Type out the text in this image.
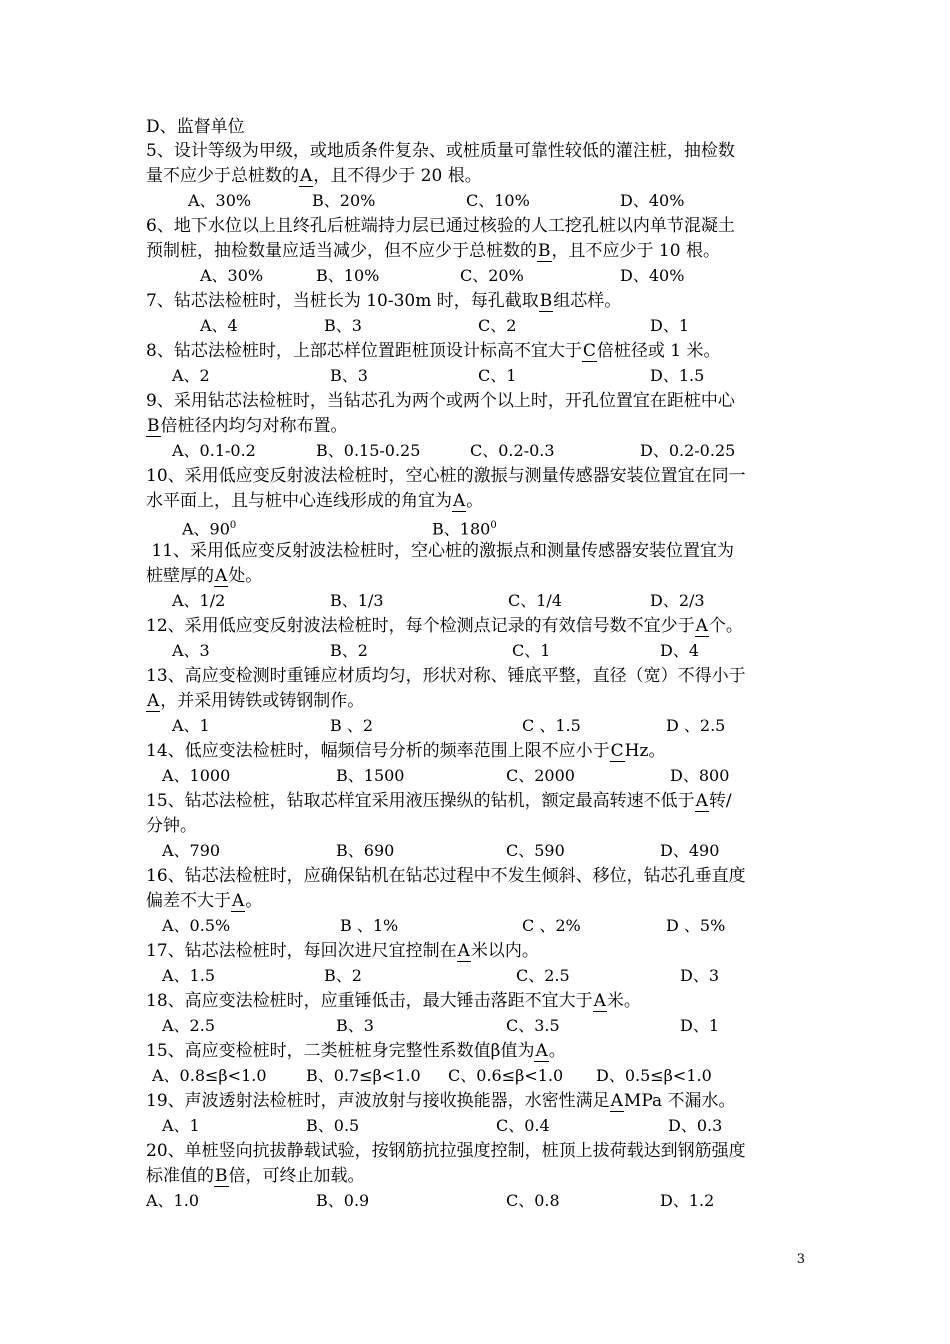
D、监督单位
5、设计等级为甲级，或地质条件复杂、或桩质量可靠性较低的灌注桩，抽检数
量不应少于总桩数的A，且不得少于 20 根。
A、30%	B、20%	C、10%	D、40%
6、地下水位以上且终孔后桩端持力层已通过核验的人工挖孔桩以内单节混凝土
预制桩，抽检数量应适当减少，但不应少于总桩数的B，且不应少于 10 根。
A、30%	B、10%	C、20%	D、40%
7、钻芯法检桩时，当桩长为 10-30m 时，每孔截取B组芯样。
A、4	B、3	C、2	D、1
8、钻芯法检桩时，上部芯样位置距桩顶设计标高不宜大于C倍桩径或 1 米。
A、2	B、3	C、1	D、1.5
9、采用钻芯法检桩时，当钻芯孔为两个或两个以上时，开孔位置宜在距桩中心
B倍桩径内均匀对称布置。
A、0.1-0.2	B、0.15-0.25	C、0.2-0.3	D、0.2-0.25
10、采用低应变反射波法检桩时，空心桩的激振与测量传感器安装位置宜在同一
水平面上，且与桩中心连线形成的角宜为A。
A、$90^0$	B、$180^0$
11、采用低应变反射波法检桩时，空心桩的激振点和测量传感器安装位置宜为
桩壁厚的A处。
A、1/2	B、1/3	C、1/4	D、2/3
12、采用低应变反射波法检桩时，每个检测点记录的有效信号数不宜少于A个。
A、3	B、2	C、1	D、4
13、高应变检测时重锤应材质均匀，形状对称、锤底平整，直径（宽）不得小于
A，并采用铸铁或铸钢制作。
A、1	B 、2	C 、1.5	D 、2.5
14、低应变法检桩时，幅频信号分析的频率范围上限不应小于CHz。
A、1000	B、1500	C、2000	D、800
15、钻芯法检桩，钻取芯样宜采用液压操纵的钻机，额定最高转速不低于A转/
分钟。
A、790	B、690	C、590	D、490
16、钻芯法检桩时，应确保钻机在钻芯过程中不发生倾斜、移位，钻芯孔垂直度
偏差不大于A。
A、0.5%	B 、1%	C 、2%	D 、5%
17、钻芯法检桩时，每回次进尺宜控制在A米以内。
A、1.5	B、2	C、2.5	D、3
18、高应变法检桩时，应重锤低击，最大锤击落距不宜大于A米。
A、2.5	B、3	C、3.5	D、1
15、高应变检桩时，二类桩桩身完整性系数值β值为A。
A、0.8≤β<1.0 B、0.7≤β<1.0 C、0.6≤β<1.0 D、0.5≤β<1.0
19、声波透射法检桩时，声波放射与接收换能器，水密性满足AMPa 不漏水。
A、1	B、0.5	C、0.4	D、0.3
20、单桩竖向抗拔静载试验，按钢筋抗拉强度控制，桩顶上拔荷载达到钢筋强度
标准值的B倍，可终止加载。
A、1.0	B、0.9	C、0.8	D、1.2
3
